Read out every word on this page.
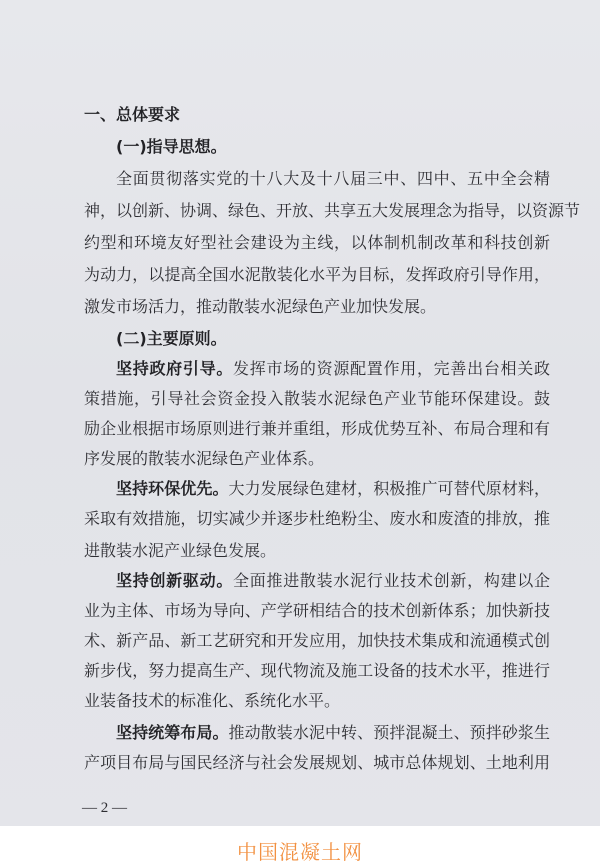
一、总体要求
(一)指导思想。
全面贯彻落实党的十八大及十八届三中、四中、五中全会精
神，以创新、协调、绿色、开放、共享五大发展理念为指导，以资源节
约型和环境友好型社会建设为主线，以体制机制改革和科技创新
为动力，以提高全国水泥散装化水平为目标，发挥政府引导作用，
激发市场活力，推动散装水泥绿色产业加快发展。
(二)主要原则。
坚持政府引导。发挥市场的资源配置作用，完善出台相关政
策措施，引导社会资金投入散装水泥绿色产业节能环保建设。鼓
励企业根据市场原则进行兼并重组，形成优势互补、布局合理和有
序发展的散装水泥绿色产业体系。
坚持环保优先。大力发展绿色建材，积极推广可替代原材料，
采取有效措施，切实减少并逐步杜绝粉尘、废水和废渣的排放，推
进散装水泥产业绿色发展。
坚持创新驱动。全面推进散装水泥行业技术创新，构建以企
业为主体、市场为导向、产学研相结合的技术创新体系；加快新技
术、新产品、新工艺研究和开发应用，加快技术集成和流通模式创
新步伐，努力提高生产、现代物流及施工设备的技术水平，推进行
业装备技术的标准化、系统化水平。
坚持统筹布局。推动散装水泥中转、预拌混凝土、预拌砂浆生
产项目布局与国民经济与社会发展规划、城市总体规划、土地利用
— 2 —
中国混凝土网
